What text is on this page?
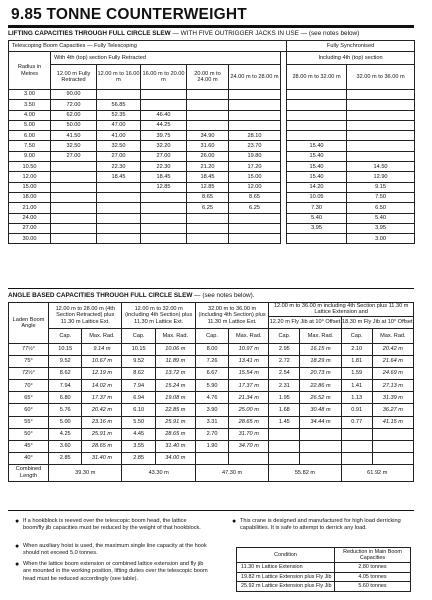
9.85 TONNE COUNTERWEIGHT
LIFTING CAPACITIES THROUGH FULL CIRCLE SLEW — WITH FIVE OUTRIGGER JACKS IN USE — (see notes below)
Telescoping Boom Capacities — Fully Telescoping							Fully Synchronised	
Radius in Metres	With 4th (top) section Fully Retracted						Including 4th (top) section	
	12.00 m Fully Retracted	12.00 m to 16.00 m	16.00 m to 20.00 m	20.00 m to 24.00 m	24.00 m to 28.00 m		28.00 m to 32.00 m	32.00 m to 36.00 m
3.00	90.00							
3.50	72.00	56.85						
4.00	62.00	52.35	46.40					
5.00	50.00	47.00	44.25					
6.00	41.50	41.00	39.75	34.90	28.10			
7.50	32.50	32.50	32.20	31.60	23.70		15.40	
9.00	27.00	27.00	27.00	26.00	19.80		15.40	
10.50		22.30	22.30	21.20	17.20		15.40	14.50
12.00		18.45	18.45	18.45	15.00		15.40	12.90
15.00			12.85	12.85	12.00		14.20	9.15
18.00				8.65	8.65		10.05	7.50
21.00				6.25	6.25		7.30	6.50
24.00							5.40	5.40
27.00							3.95	3.95
30.00								3.00
ANGLE BASED CAPACITIES THROUGH FULL CIRCLE SLEW — (see notes below).
Laden Boom Angle	12.00 m to 28.00 m (4th Section Retracted) plus 11.30 m Lattice Ext.		12.00 m to 32.00 m (including 4th Section) plus 11.30 m Lattice Ext.		32.00 m to 36.00 m (including 4th Section) plus 11.30 m Lattice Ext.		12.00 m to 36.00 m including 4th Section plus 11.30 m Lattice Extension and			
							12.20 m Fly Jib at 10° Offset		18.30 m Fly Jib at 10° Offset	
	Cap.	Max. Rad.	Cap.	Max. Rad.	Cap.	Max. Rad.	Cap.	Max. Rad.	Cap.	Max. Rad.
77½°	10.15	9.14 m	10.15	10.06 m	8.00	10.97 m	2.95	16.15 m	2.10	20.42 m
75°	9.52	10.67 m	9.52	11.89 m	7.26	13.41 m	2.72	18.29 m	1.81	21.64 m
72½°	8.62	12.19 m	8.62	13.72 m	6.67	15.54 m	2.54	20.73 m	1.59	24.69 m
70°	7.94	14.02 m	7.94	15.24 m	5.90	17.37 m	2.31	22.86 m	1.41	27.13 m
65°	6.80	17.37 m	6.94	19.08 m	4.76	21.34 m	1.95	26.52 m	1.13	31.39 m
60°	5.76	20.42 m	6.10	22.85 m	3.90	25.00 m	1.68	30.48 m	0.91	36.27 m
55°	5.00	23.16 m	5.50	25.91 m	3.31	28.65 m	1.45	34.44 m	0.77	41.15 m
50°	4.25	25.91 m	4.45	28.65 m	2.70	31.70 m				
45°	3.60	28.65 m	3.55	31.40 m	1.90	34.70 m				
40°	2.85	31.40 m	2.85	34.00 m						
Combined Length	39.30 m		43.30 m		47.30 m		55.82 m		61.92 m	
● If a hookblock is reeved over the telescopic boom head, the lattice boom/fly jib capacities must be reduced by the weight of that hookblock.
● When auxiliary hoist is used, the maximum single line capacity at the hook should not exceed 5.0 tonnes.
● When the lattice boom extension or combined lattice extension and fly jib are mounted in the working position, lifting duties over the telescopic boom head must be reduced accordingly (see table).
● This crane is designed and manufactured for high load derricking capabilities. It is safe to attempt to derrick any load.
Condition	Reduction in Main Boom Capacities
11.30 m Lattice Extension	2.80 tonnes
19.82 m Lattice Extension plus Fly Jib	4.05 tonnes
25.92 m Lattice Extension plus Fly Jib	5.60 tonnes
